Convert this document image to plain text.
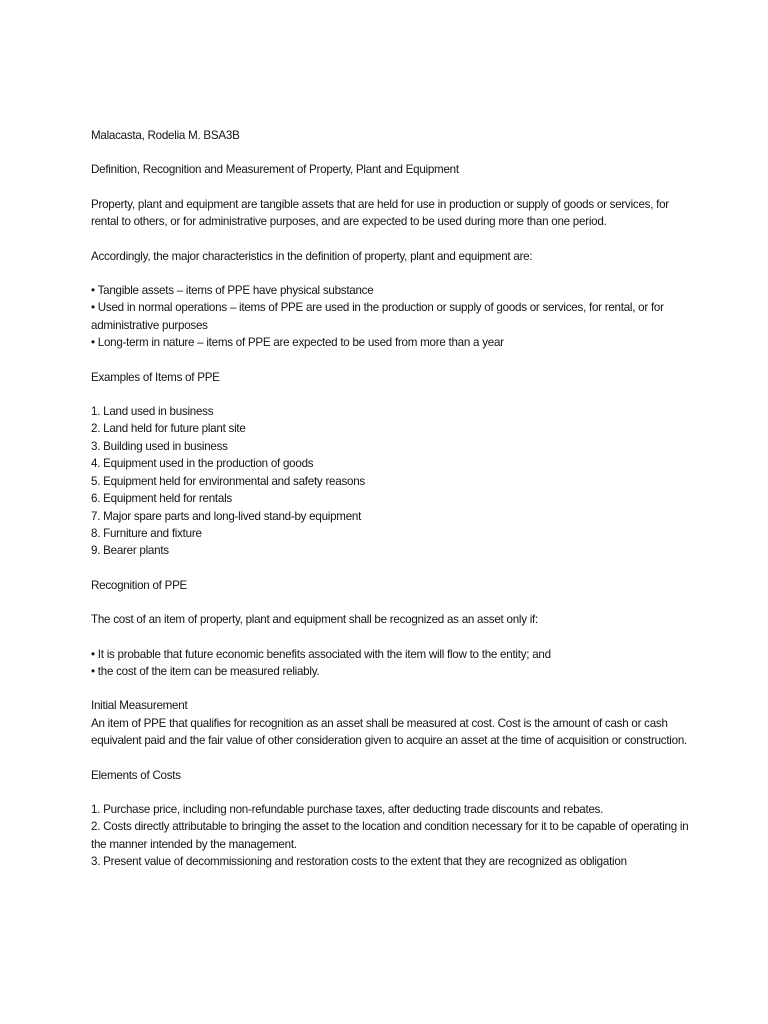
Malacasta, Rodelia M. BSA3B

Definition, Recognition and Measurement of Property, Plant and Equipment

Property, plant and equipment are tangible assets that are held for use in production or supply of goods or services, for rental to others, or for administrative purposes, and are expected to be used during more than one period.

Accordingly, the major characteristics in the definition of property, plant and equipment are:

• Tangible assets – items of PPE have physical substance
• Used in normal operations – items of PPE are used in the production or supply of goods or services, for rental, or for administrative purposes
• Long-term in nature – items of PPE are expected to be used from more than a year

Examples of Items of PPE

1. Land used in business
2. Land held for future plant site
3. Building used in business
4. Equipment used in the production of goods
5. Equipment held for environmental and safety reasons
6. Equipment held for rentals
7. Major spare parts and long-lived stand-by equipment
8. Furniture and fixture
9. Bearer plants

Recognition of PPE

The cost of an item of property, plant and equipment shall be recognized as an asset only if:

• It is probable that future economic benefits associated with the item will flow to the entity; and
• the cost of the item can be measured reliably.

Initial Measurement

An item of PPE that qualifies for recognition as an asset shall be measured at cost. Cost is the amount of cash or cash equivalent paid and the fair value of other consideration given to acquire an asset at the time of acquisition or construction.

Elements of Costs

1. Purchase price, including non-refundable purchase taxes, after deducting trade discounts and rebates.
2. Costs directly attributable to bringing the asset to the location and condition necessary for it to be capable of operating in the manner intended by the management.
3. Present value of decommissioning and restoration costs to the extent that they are recognized as obligation
